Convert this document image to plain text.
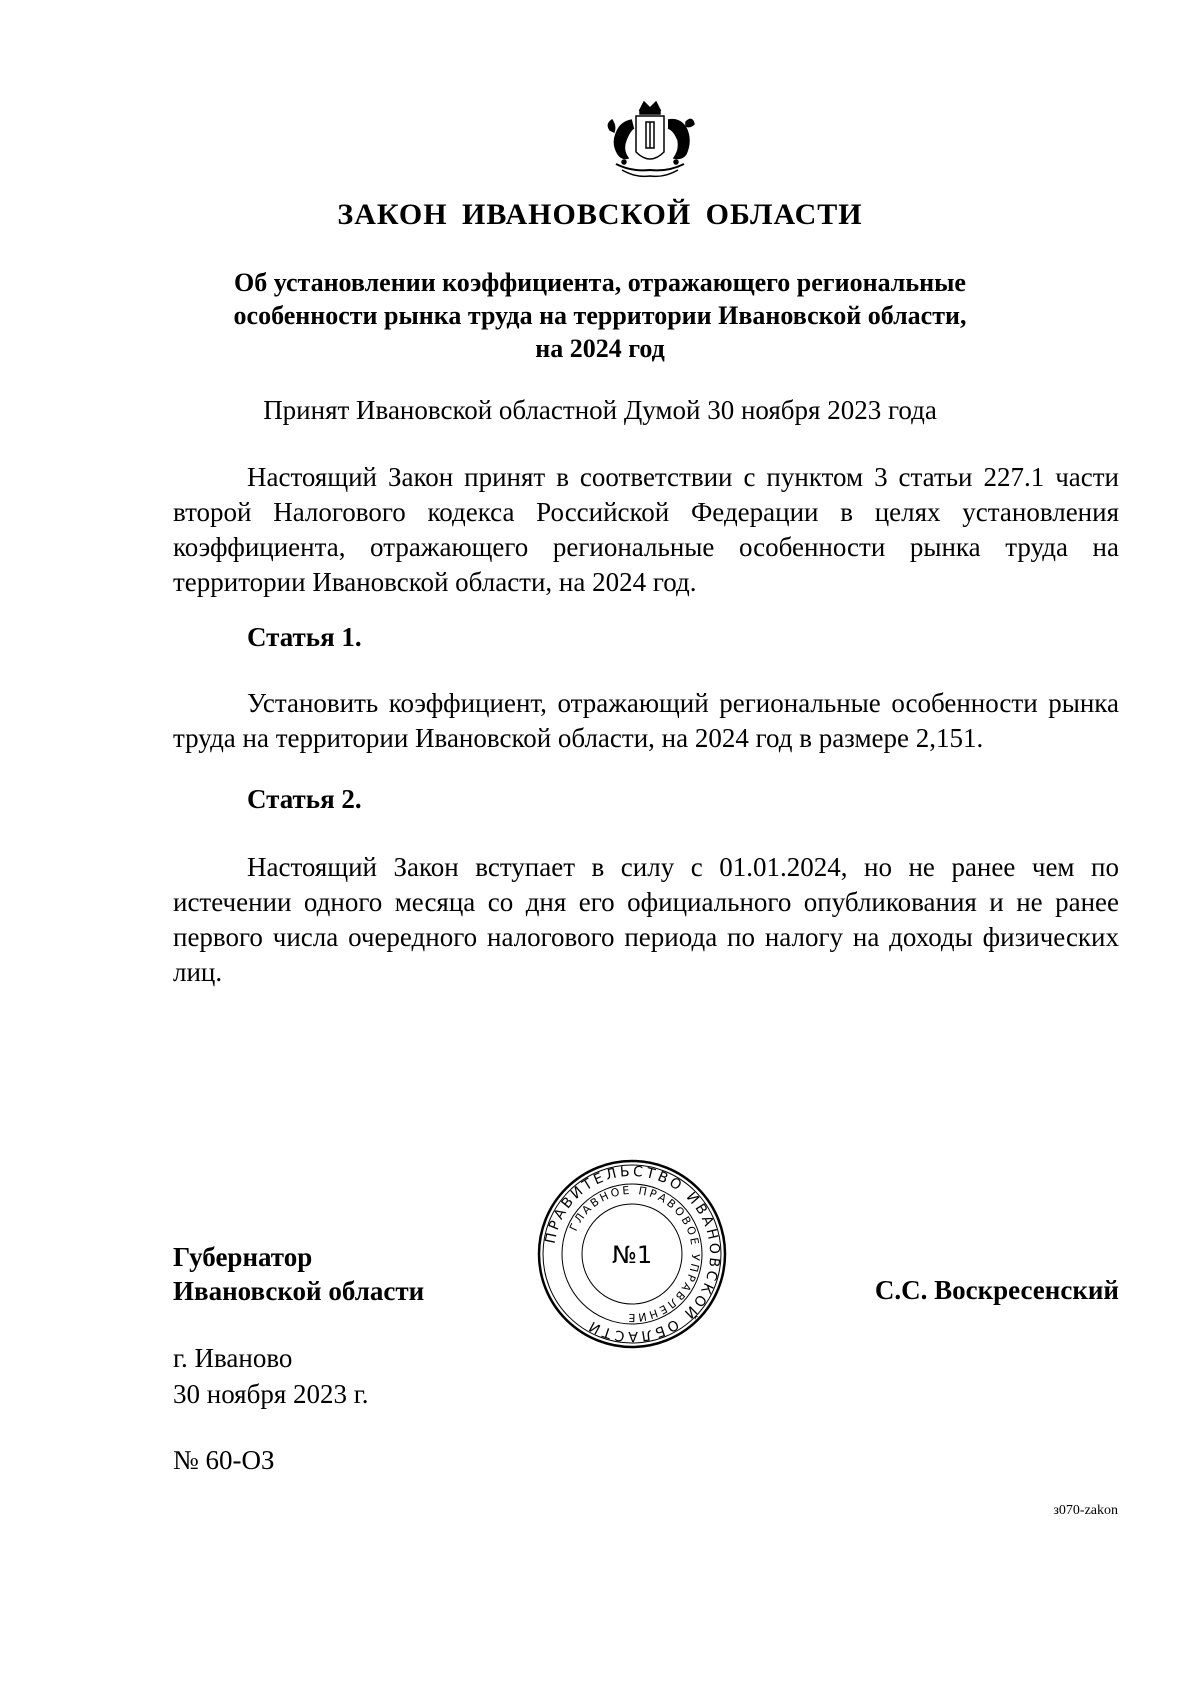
ЗАКОН ИВАНОВСКОЙ ОБЛАСТИ
Об установлении коэффициента, отражающего региональные
особенности рынка труда на территории Ивановской области,
на 2024 год

Принят Ивановской областной Думой 30 ноября 2023 года

Настоящий Закон принят в соответствии с пунктом 3 статьи 227.1 части второй Налогового кодекса Российской Федерации в целях установления коэффициента, отражающего региональные особенности рынка труда на территории Ивановской области, на 2024 год.

Статья 1.

Установить коэффициент, отражающий региональные особенности рынка труда на территории Ивановской области, на 2024 год в размере 2,151.

Статья 2.

Настоящий Закон вступает в силу с 01.01.2024, но не ранее чем по истечении одного месяца со дня его официального опубликования и не ранее первого числа очередного налогового периода по налогу на доходы физических лиц.

Губернатор
Ивановской области
ПРАВИТЕЛЬСТВО ИВАНОВСКОЙ ОБЛАСТИ
ГЛАВНОЕ ПРАВОВОЕ УПРАВЛЕНИЕ
№1

С.С. Воскресенский

г. Иваново
30 ноября 2023 г.

№ 60-ОЗ

з070-zakon
